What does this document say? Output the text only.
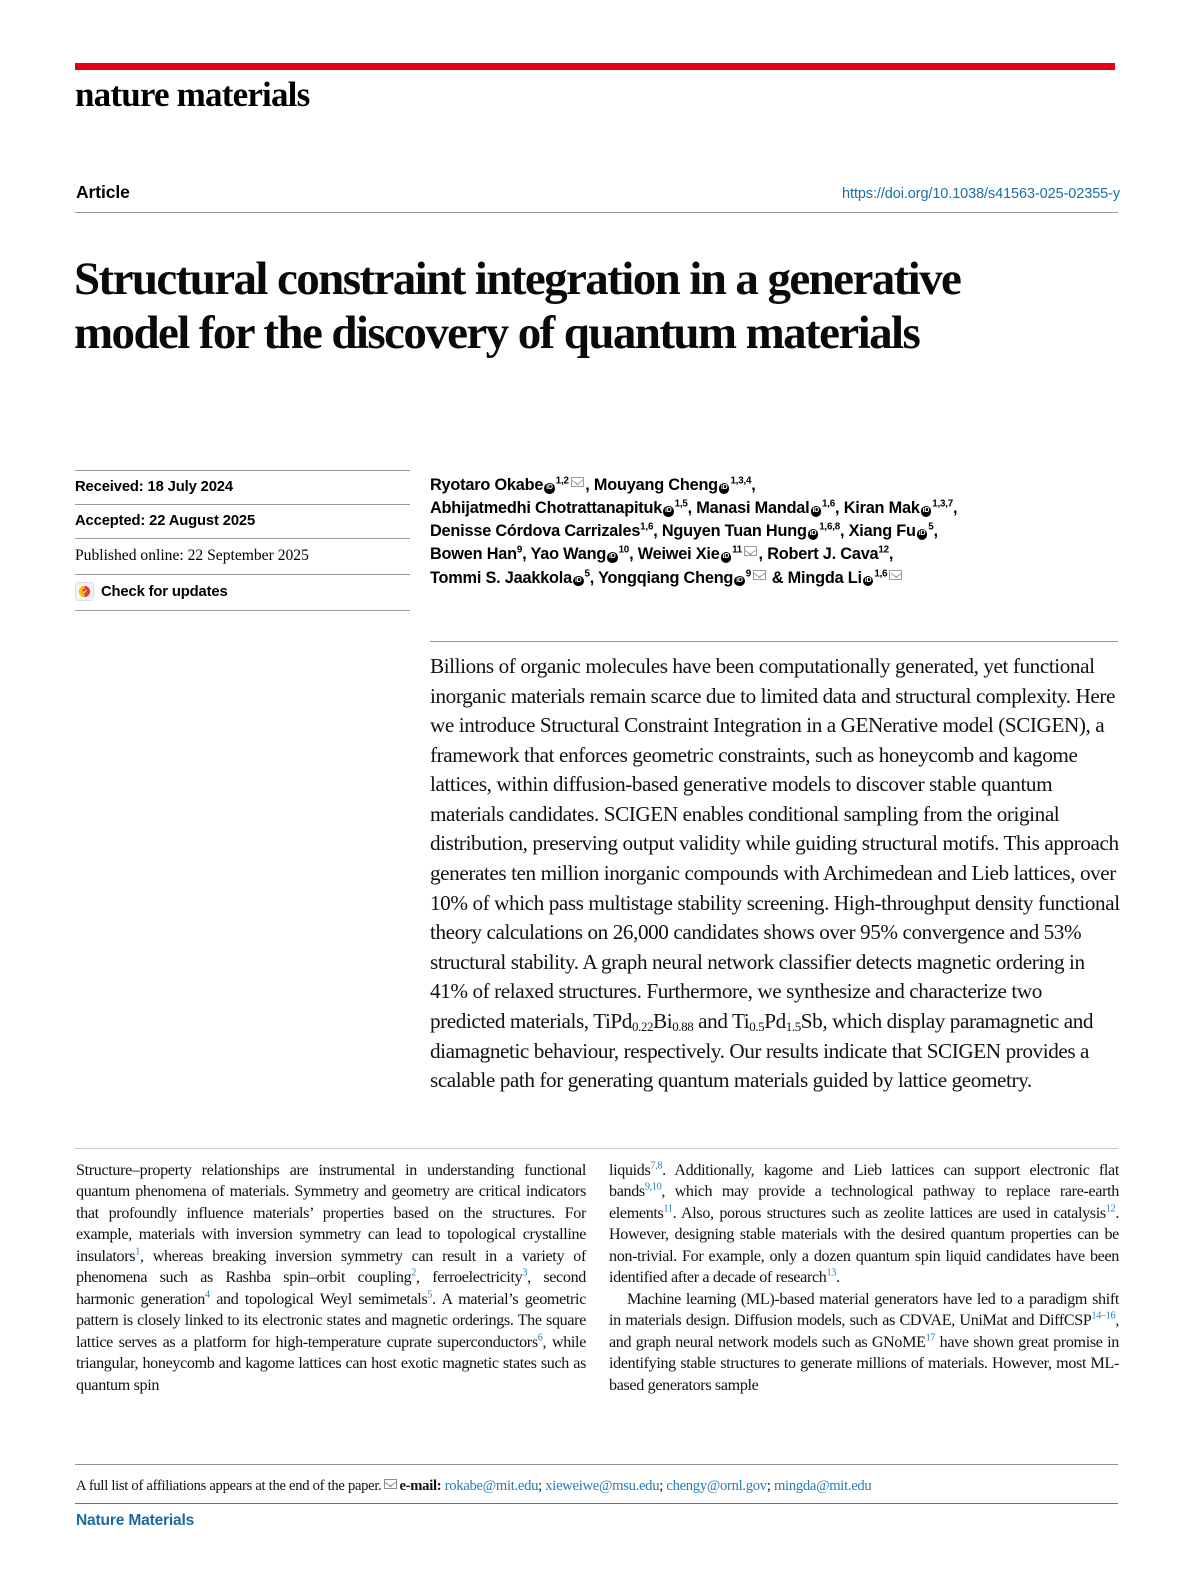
nature materials
Article	https://doi.org/10.1038/s41563-025-02355-y
Structural constraint integration in a generative model for the discovery of quantum materials
Received: 18 July 2024
Accepted: 22 August 2025
Published online: 22 September 2025
Check for updates
Ryotaro Okabe iD$^{1,2}$ , Mouyang Cheng iD$^{1,3,4}$,
Abhijatmedhi Chotrattanapituk iD$^{1,5}$, Manasi Mandal iD$^{1,6}$, Kiran Mak iD$^{1,3,7}$,
Denisse Córdova Carrizales$^{1,6}$, Nguyen Tuan Hung iD$^{1,6,8}$, Xiang Fu $iD^5$,
Bowen Han$^9$, Yao Wang $iD^{10}$, Weiwei Xie $iD^{11}$ , Robert J. Cava$^{12}$,
Tommi S. Jaakkola $iD^5$, Yongqiang Cheng $iD^9$ & Mingda Li iD$^{1,6}$
Billions of organic molecules have been computationally generated, yet functional inorganic materials remain scarce due to limited data and structural complexity. Here we introduce Structural Constraint Integration in a GENerative model (SCIGEN), a framework that enforces geometric constraints, such as honeycomb and kagome lattices, within diffusion-based generative models to discover stable quantum materials candidates. SCIGEN enables conditional sampling from the original distribution, preserving output validity while guiding structural motifs. This approach generates ten million inorganic compounds with Archimedean and Lieb lattices, over 10% of which pass multistage stability screening. High-throughput density functional theory calculations on 26,000 candidates shows over 95% convergence and 53% structural stability. A graph neural network classifier detects magnetic ordering in 41% of relaxed structures. Furthermore, we synthesize and characterize two predicted materials, $TiPd_{0.22}Bi_{0.88}$ and $Ti_{0.5}Pd_{1.5}Sb$, which display paramagnetic and diamagnetic behaviour, respectively. Our results indicate that SCIGEN provides a scalable path for generating quantum materials guided by lattice geometry.

Structure–property relationships are instrumental in understanding functional quantum phenomena of materials. Symmetry and geometry are critical indicators that profoundly influence materials’ properties based on the structures. For example, materials with inversion symmetry can lead to topological crystalline insulators$^1$, whereas breaking inversion symmetry can result in a variety of phenomena such as Rashba spin–orbit coupling$^2$, ferroelectricity$^3$, second harmonic generation$^4$ and topological Weyl semimetals$^5$. A material’s geometric pattern is closely linked to its electronic states and magnetic orderings. The square lattice serves as a platform for high-temperature cuprate superconductors$^6$, while triangular, honeycomb and kagome lattices can host exotic magnetic states such as quantum spin

liquids$^{7,8}$. Additionally, kagome and Lieb lattices can support electronic flat bands$^{9,10}$, which may provide a technological pathway to replace rare-earth elements$^{11}$. Also, porous structures such as zeolite lattices are used in catalysis$^{12}$. However, designing stable materials with the desired quantum properties can be non-trivial. For example, only a dozen quantum spin liquid candidates have been identified after a decade of research$^{13}$.

Machine learning (ML)-based material generators have led to a paradigm shift in materials design. Diffusion models, such as CDVAE, UniMat and DiffCSP$^{14-16}$, and graph neural network models such as GNoME$^{17}$ have shown great promise in identifying stable structures to generate millions of materials. However, most ML-based generators sample

A full list of affiliations appears at the end of the paper. e-mail: rokabe@mit.edu; xieweiwe@msu.edu; chengy@ornl.gov; mingda@mit.edu
Nature Materials
